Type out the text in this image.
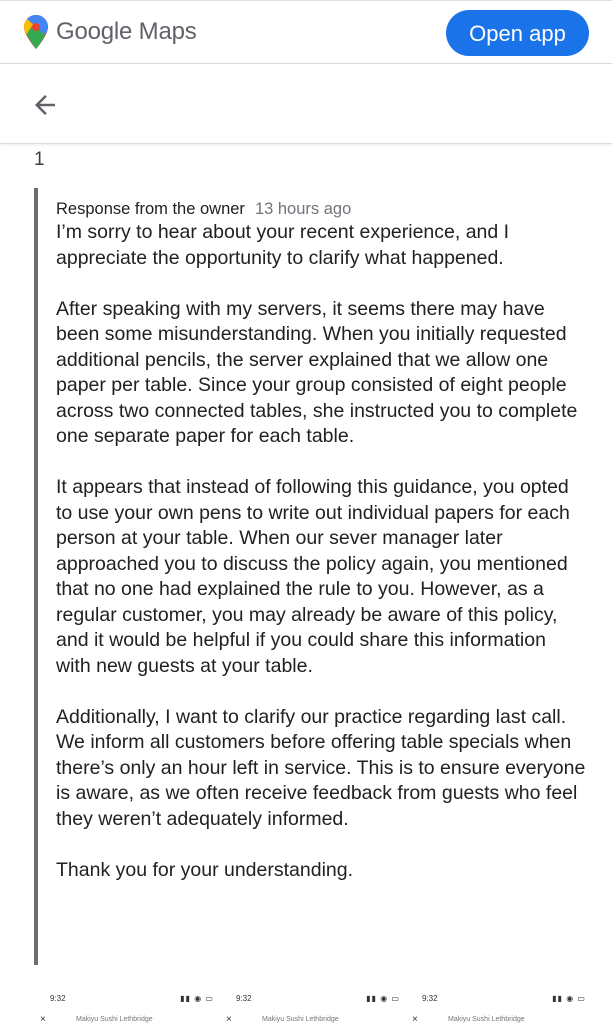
Google Maps	Open app
1
Response from the owner 13 hours ago

I’m sorry to hear about your recent experience, and I appreciate the opportunity to clarify what happened.

After speaking with my servers, it seems there may have been some misunderstanding. When you initially requested additional pencils, the server explained that we allow one paper per table. Since your group consisted of eight people across two connected tables, she instructed you to complete one separate paper for each table.

It appears that instead of following this guidance, you opted to use your own pens to write out individual papers for each person at your table. When our sever manager later approached you to discuss the policy again, you mentioned that no one had explained the rule to you. However, as a regular customer, you may already be aware of this policy, and it would be helpful if you could share this information with new guests at your table.

Additionally, I want to clarify our practice regarding last call. We inform all customers before offering table specials when there’s only an hour left in service. This is to ensure everyone is aware, as we often receive feedback from guests who feel they weren’t adequately informed.

Thank you for your understanding.

9:32	▮▮ ◉ ▭
×	Makiyu Sushi Lethbridge
9:32	▮▮ ◉ ▭
×	Makiyu Sushi Lethbridge
9:32	▮▮ ◉ ▭
×	Makiyu Sushi Lethbridge
